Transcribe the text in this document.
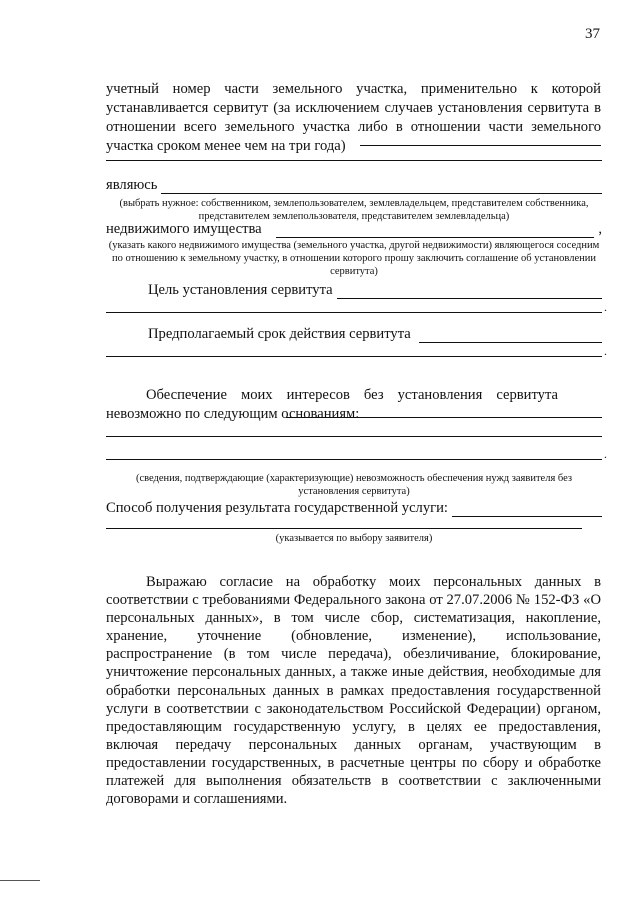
37
учетный номер части земельного участка, применительно к которой устанавливается сервитут (за исключением случаев установления сервитута в отношении всего земельного участка либо в отношении части земельного участка сроком менее чем на три года)
являюсь
(выбрать нужное: собственником, землепользователем, землевладельцем, представителем собственника, представителем землепользователя, представителем землевладельца)
недвижимого имущества	,
(указать какого недвижимого имущества (земельного участка, другой недвижимости) являющегося соседним по отношению к земельному участку, в отношении которого прошу заключить соглашение об установлении сервитута)
Цель установления сервитута
.
Предполагаемый срок действия сервитута
.
Обеспечение моих интересов без установления сервитута невозможно по следующим основаниям:
.
(сведения, подтверждающие (характеризующие) невозможность обеспечения нужд заявителя без установления сервитута)
Способ получения результата государственной услуги:
(указывается по выбору заявителя)
Выражаю согласие на обработку моих персональных данных в соответствии с требованиями Федерального закона от 27.07.2006 № 152-ФЗ «О персональных данных», в том числе сбор, систематизация, накопление, хранение, уточнение (обновление, изменение), использование, распространение (в том числе передача), обезличивание, блокирование, уничтожение персональных данных, а также иные действия, необходимые для обработки персональных данных в рамках предоставления государственной услуги в соответствии с законодательством Российской Федерации) органом, предоставляющим государственную услугу, в целях ее предоставления, включая передачу персональных данных органам, участвующим в предоставлении государственных, в расчетные центры по сбору и обработке платежей для выполнения обязательств в соответствии с заключенными договорами и соглашениями.
